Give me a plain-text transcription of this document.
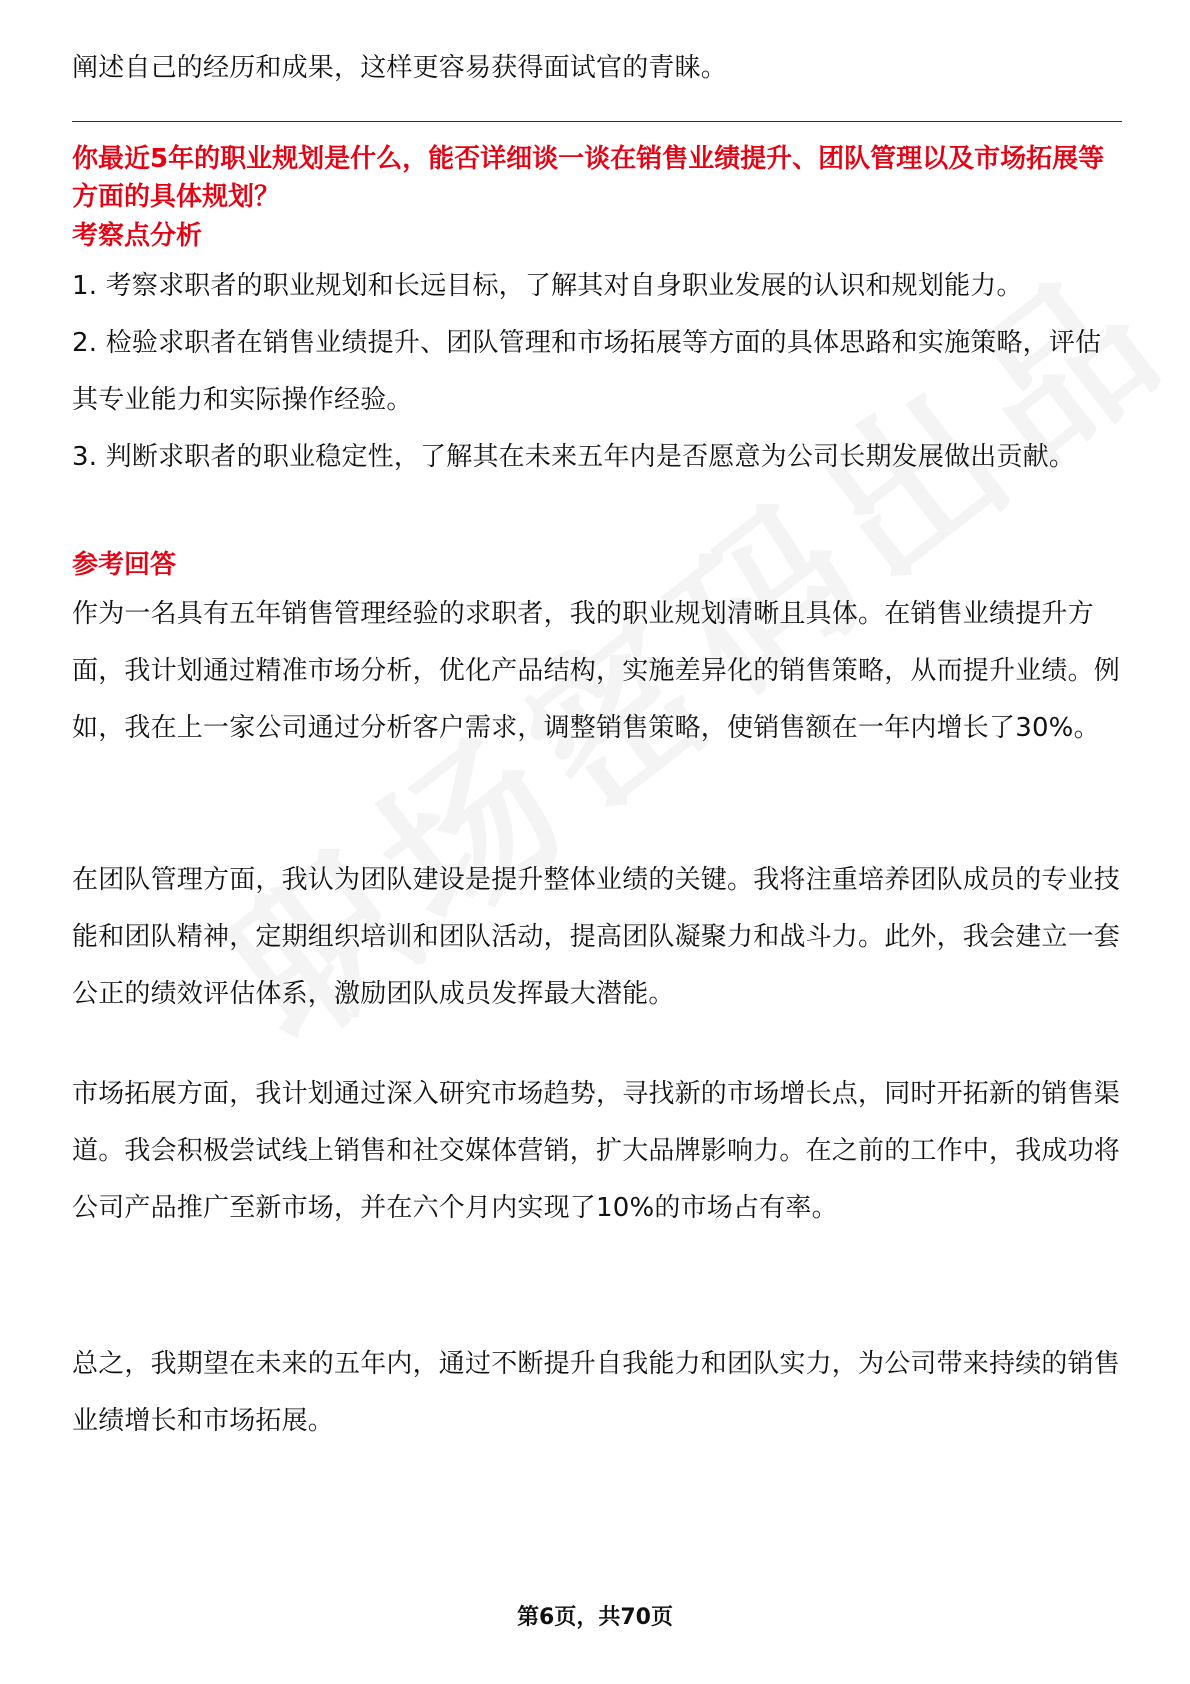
阐述自己的经历和成果，这样更容易获得面试官的青睐。

你最近5年的职业规划是什么，能否详细谈一谈在销售业绩提升、团队管理以及市场拓展等方面的具体规划？

考察点分析

1. 考察求职者的职业规划和长远目标，了解其对自身职业发展的认识和规划能力。

2. 检验求职者在销售业绩提升、团队管理和市场拓展等方面的具体思路和实施策略，评估其专业能力和实际操作经验。

3. 判断求职者的职业稳定性，了解其在未来五年内是否愿意为公司长期发展做出贡献。

参考回答

作为一名具有五年销售管理经验的求职者，我的职业规划清晰且具体。在销售业绩提升方面，我计划通过精准市场分析，优化产品结构，实施差异化的销售策略，从而提升业绩。例如，我在上一家公司通过分析客户需求，调整销售策略，使销售额在一年内增长了30%。

在团队管理方面，我认为团队建设是提升整体业绩的关键。我将注重培养团队成员的专业技能和团队精神，定期组织培训和团队活动，提高团队凝聚力和战斗力。此外，我会建立一套公正的绩效评估体系，激励团队成员发挥最大潜能。

市场拓展方面，我计划通过深入研究市场趋势，寻找新的市场增长点，同时开拓新的销售渠道。我会积极尝试线上销售和社交媒体营销，扩大品牌影响力。在之前的工作中，我成功将公司产品推广至新市场，并在六个月内实现了10%的市场占有率。

总之，我期望在未来的五年内，通过不断提升自我能力和团队实力，为公司带来持续的销售业绩增长和市场拓展。

第6页，共70页
